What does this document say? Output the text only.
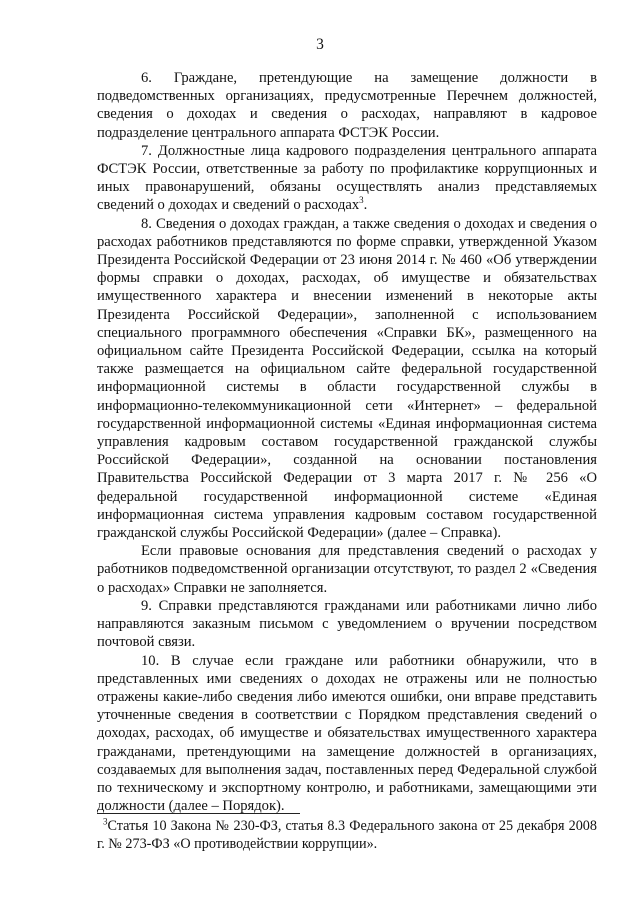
3

6. Граждане, претендующие на замещение должности в подведомственных организациях, предусмотренные Перечнем должностей, сведения о доходах и сведения о расходах, направляют в кадровое подразделение центрального аппарата ФСТЭК России.

7. Должностные лица кадрового подразделения центрального аппарата ФСТЭК России, ответственные за работу по профилактике коррупционных и иных правонарушений, обязаны осуществлять анализ представляемых сведений о доходах и сведений о расходах$^3$.

8. Сведения о доходах граждан, а также сведения о доходах и сведения о расходах работников представляются по форме справки, утвержденной Указом Президента Российской Федерации от 23 июня 2014 г. № 460 «Об утверждении формы справки о доходах, расходах, об имуществе и обязательствах имущественного характера и внесении изменений в некоторые акты Президента Российской Федерации», заполненной с использованием специального программного обеспечения «Справки БК», размещенного на официальном сайте Президента Российской Федерации, ссылка на который также размещается на официальном сайте федеральной государственной информационной системы в области государственной службы в информационно-телекоммуникационной сети «Интернет» – федеральной государственной информационной системы «Единая информационная система управления кадровым составом государственной гражданской службы Российской Федерации», созданной на основании постановления Правительства Российской Федерации от 3 марта 2017 г. № 256 «О федеральной государственной информационной системе «Единая информационная система управления кадровым составом государственной гражданской службы Российской Федерации» (далее – Справка).

Если правовые основания для представления сведений о расходах у работников подведомственной организации отсутствуют, то раздел 2 «Сведения о расходах» Справки не заполняется.

9. Справки представляются гражданами или работниками лично либо направляются заказным письмом с уведомлением о вручении посредством почтовой связи.

10. В случае если граждане или работники обнаружили, что в представленных ими сведениях о доходах не отражены или не полностью отражены какие-либо сведения либо имеются ошибки, они вправе представить уточненные сведения в соответствии с Порядком представления сведений о доходах, расходах, об имуществе и обязательствах имущественного характера гражданами, претендующими на замещение должностей в организациях, создаваемых для выполнения задач, поставленных перед Федеральной службой по техническому и экспортному контролю, и работниками, замещающими эти должности (далее – Порядок).

$^3$Статья 10 Закона № 230-ФЗ, статья 8.3 Федерального закона от 25 декабря 2008 г. № 273-ФЗ «О противодействии коррупции».
